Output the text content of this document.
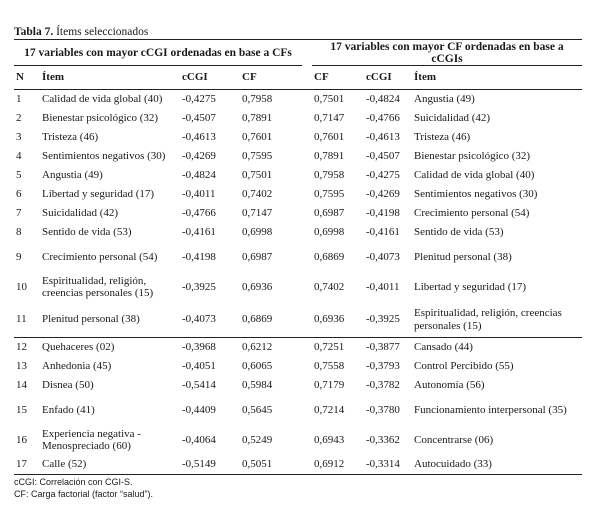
Tabla 7. Ítems seleccionados
17 variables con mayor cCGI ordenadas en base a CFs					17 variables con mayor CF ordenadas en base a cCGIs		
N	Ítem	cCGI	CF		CF	cCGI	Ítem
1	Calidad de vida global (40)	-0,4275	0,7958		0,7501	-0,4824	Angustia (49)
2	Bienestar psicológico (32)	-0,4507	0,7891		0,7147	-0,4766	Suicidalidad (42)
3	Tristeza (46)	-0,4613	0,7601		0,7601	-0,4613	Tristeza (46)
4	Sentimientos negativos (30)	-0,4269	0,7595		0,7891	-0,4507	Bienestar psicológico (32)
5	Angustia (49)	-0,4824	0,7501		0,7958	-0,4275	Calidad de vida global (40)
6	Libertad y seguridad (17)	-0,4011	0,7402		0,7595	-0,4269	Sentimientos negativos (30)
7	Suicidalidad (42)	-0,4766	0,7147		0,6987	-0,4198	Crecimiento personal (54)
8	Sentido de vida (53)	-0,4161	0,6998		0,6998	-0,4161	Sentido de vida (53)
9	Crecimiento personal (54)	-0,4198	0,6987		0,6869	-0,4073	Plenitud personal (38)
10	Espiritualidad, religión, creencias personales (15)	-0,3925	0,6936		0,7402	-0,4011	Libertad y seguridad (17)
11	Plenitud personal (38)	-0,4073	0,6869		0,6936	-0,3925	Espiritualidad, religión, creencias personales (15)
12	Quehaceres (02)	-0,3968	0,6212		0,7251	-0,3877	Cansado (44)
13	Anhedonia (45)	-0,4051	0,6065		0,7558	-0,3793	Control Percibido (55)
14	Disnea (50)	-0,5414	0,5984		0,7179	-0,3782	Autonomía (56)
15	Enfado (41)	-0,4409	0,5645		0,7214	-0,3780	Funcionamiento interpersonal (35)
16	Experiencia negativa - Menospreciado (60)	-0,4064	0,5249		0,6943	-0,3362	Concentrarse (06)
17	Calle (52)	-0,5149	0,5051		0,6912	-0,3314	Autocuidado (33)
cCGI: Correlación con CGI-S.
CF: Carga factorial (factor “salud”).
